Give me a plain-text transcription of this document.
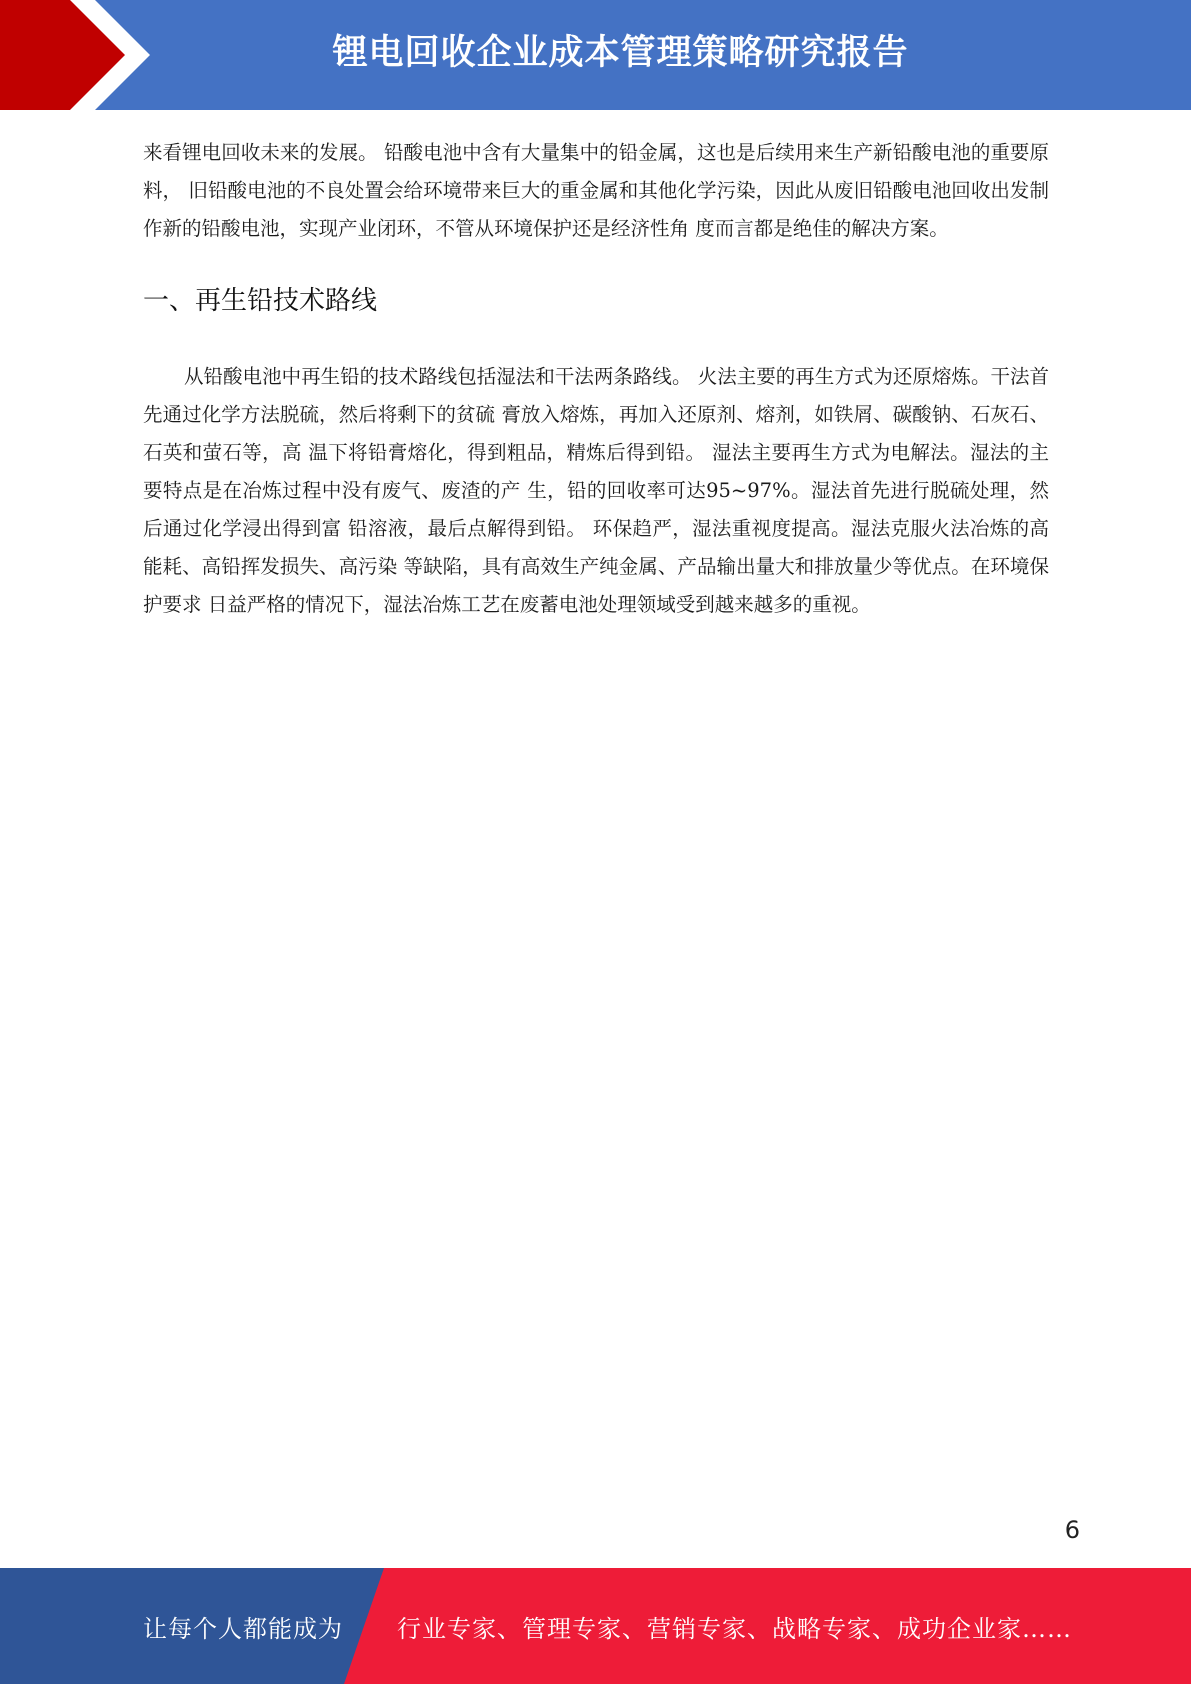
锂电回收企业成本管理策略研究报告

来看锂电回收未来的发展。 铅酸电池中含有大量集中的铅金属，这也是后续用来生产新铅酸电池的重要原料， 旧铅酸电池的不良处置会给环境带来巨大的重金属和其他化学污染，因此从废旧铅酸电池回收出发制作新的铅酸电池，实现产业闭环，不管从环境保护还是经济性角 度而言都是绝佳的解决方案。

一、再生铅技术路线

从铅酸电池中再生铅的技术路线包括湿法和干法两条路线。 火法主要的再生方式为还原熔炼。干法首先通过化学方法脱硫，然后将剩下的贫硫 膏放入熔炼，再加入还原剂、熔剂，如铁屑、碳酸钠、石灰石、石英和萤石等，高 温下将铅膏熔化，得到粗品，精炼后得到铅。 湿法主要再生方式为电解法。湿法的主要特点是在冶炼过程中没有废气、废渣的产 生，铅的回收率可达95~97%。湿法首先进行脱硫处理，然后通过化学浸出得到富 铅溶液，最后点解得到铅。 环保趋严，湿法重视度提高。湿法克服火法冶炼的高能耗、高铅挥发损失、高污染 等缺陷，具有高效生产纯金属、产品输出量大和排放量少等优点。在环境保护要求 日益严格的情况下，湿法冶炼工艺在废蓄电池处理领域受到越来越多的重视。

6
让每个人都能成为 行业专家、管理专家、营销专家、战略专家、成功企业家……
